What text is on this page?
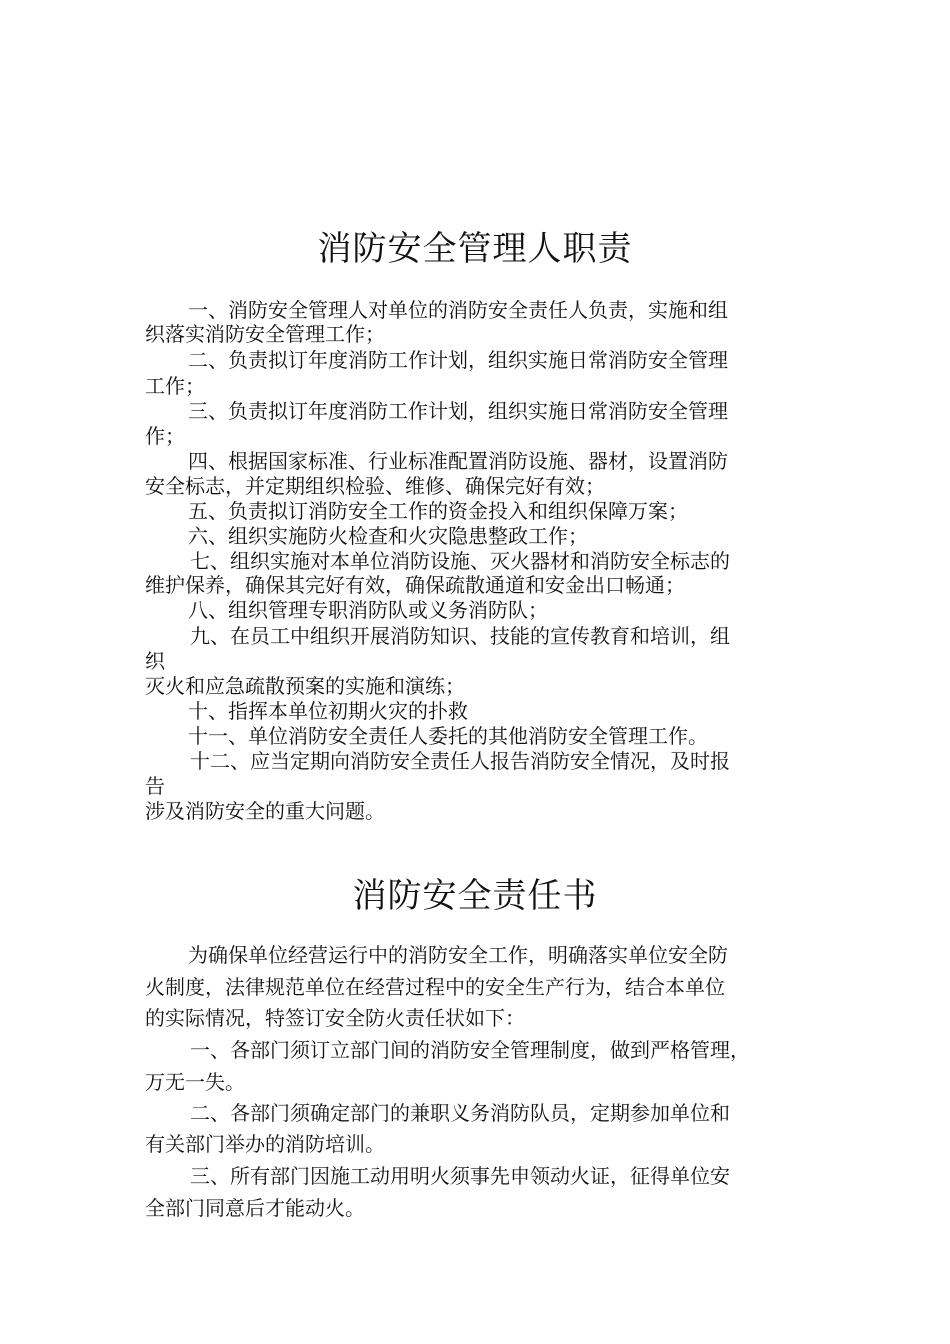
消防安全管理人职责
一、消防安全管理人对单位的消防安全责任人负责，实施和组
织落实消防安全管理工作；
二、负责拟订年度消防工作计划，组织实施日常消防安全管理
工作；
三、负责拟订年度消防工作计划，组织实施日常消防安全管理
作；
四、根据国家标准、行业标准配置消防设施、器材，设置消防
安全标志，并定期组织检验、维修、确保完好有效；
五、负责拟订消防安全工作的资金投入和组织保障万案；
六、组织实施防火检查和火灾隐患整政工作；
七、组织实施对本单位消防设施、灭火器材和消防安全标志的
维护保养，确保其完好有效，确保疏散通道和安金出口畅通；
八、组织管理专职消防队或义务消防队；
九、在员工中组织开展消防知识、技能的宣传教育和培训，组
织
灭火和应急疏散预案的实施和演练；
十、指挥本单位初期火灾的扑救
十一、单位消防安全责任人委托的其他消防安全管理工作。
十二、应当定期向消防安全责任人报告消防安全情况，及时报
告
涉及消防安全的重大问题。
消防安全责任书
为确保单位经营运行中的消防安全工作，明确落实单位安全防
火制度，法律规范单位在经营过程中的安全生产行为，结合本单位
的实际情况，特签订安全防火责任状如下：
一、各部门须订立部门间的消防安全管理制度，做到严格管理，
万无一失。
二、各部门须确定部门的兼职义务消防队员，定期参加单位和
有关部门举办的消防培训。
三、所有部门因施工动用明火须事先申领动火证，征得单位安
全部门同意后才能动火。
